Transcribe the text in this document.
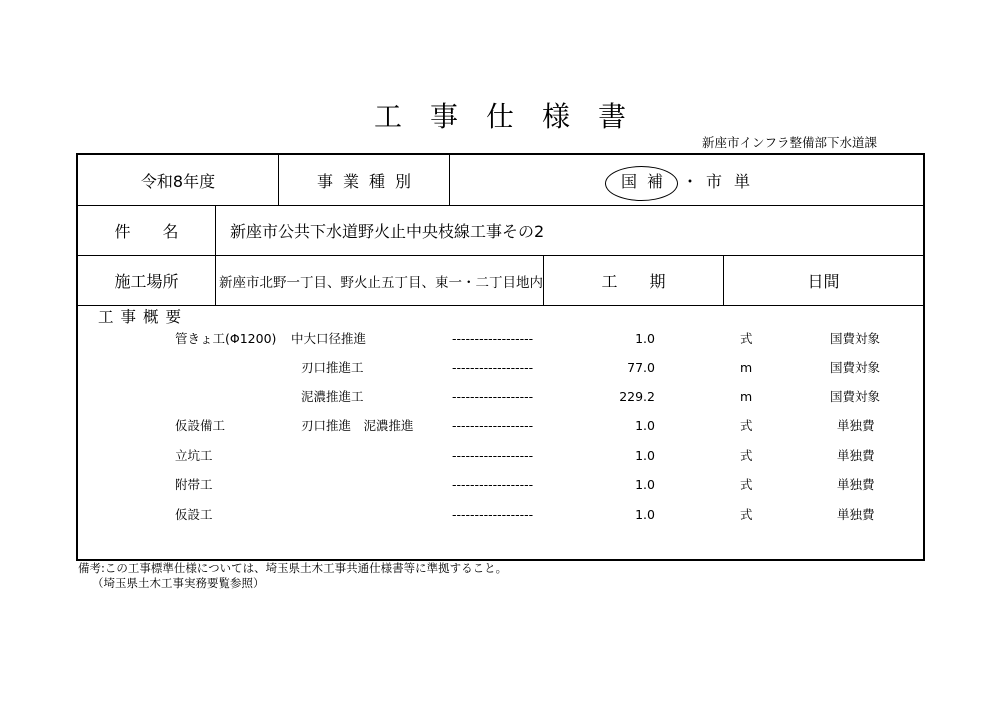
工事仕様書
新座市インフラ整備部下水道課
令和8年度	事業種別	国補 ・ 市単
件　　名	新座市公共下水道野火止中央枝線工事その2
施工場所	新座市北野一丁目、野火止五丁目、東一・二丁目地内	工　　期	日間
工事概要
管きょ工(Φ1200) 中大口径推進	------------------	1.0	式	国費対象
刃口推進工	------------------	77.0	m	国費対象
泥濃推進工	------------------	229.2	m	国費対象
仮設備工	刃口推進　泥濃推進	------------------	1.0	式	単独費
立坑工	------------------	1.0	式	単独費
附帯工	------------------	1.0	式	単独費
仮設工	------------------	1.0	式	単独費
備考:この工事標準仕様については、埼玉県土木工事共通仕様書等に準拠すること。
（埼玉県土木工事実務要覧参照）
